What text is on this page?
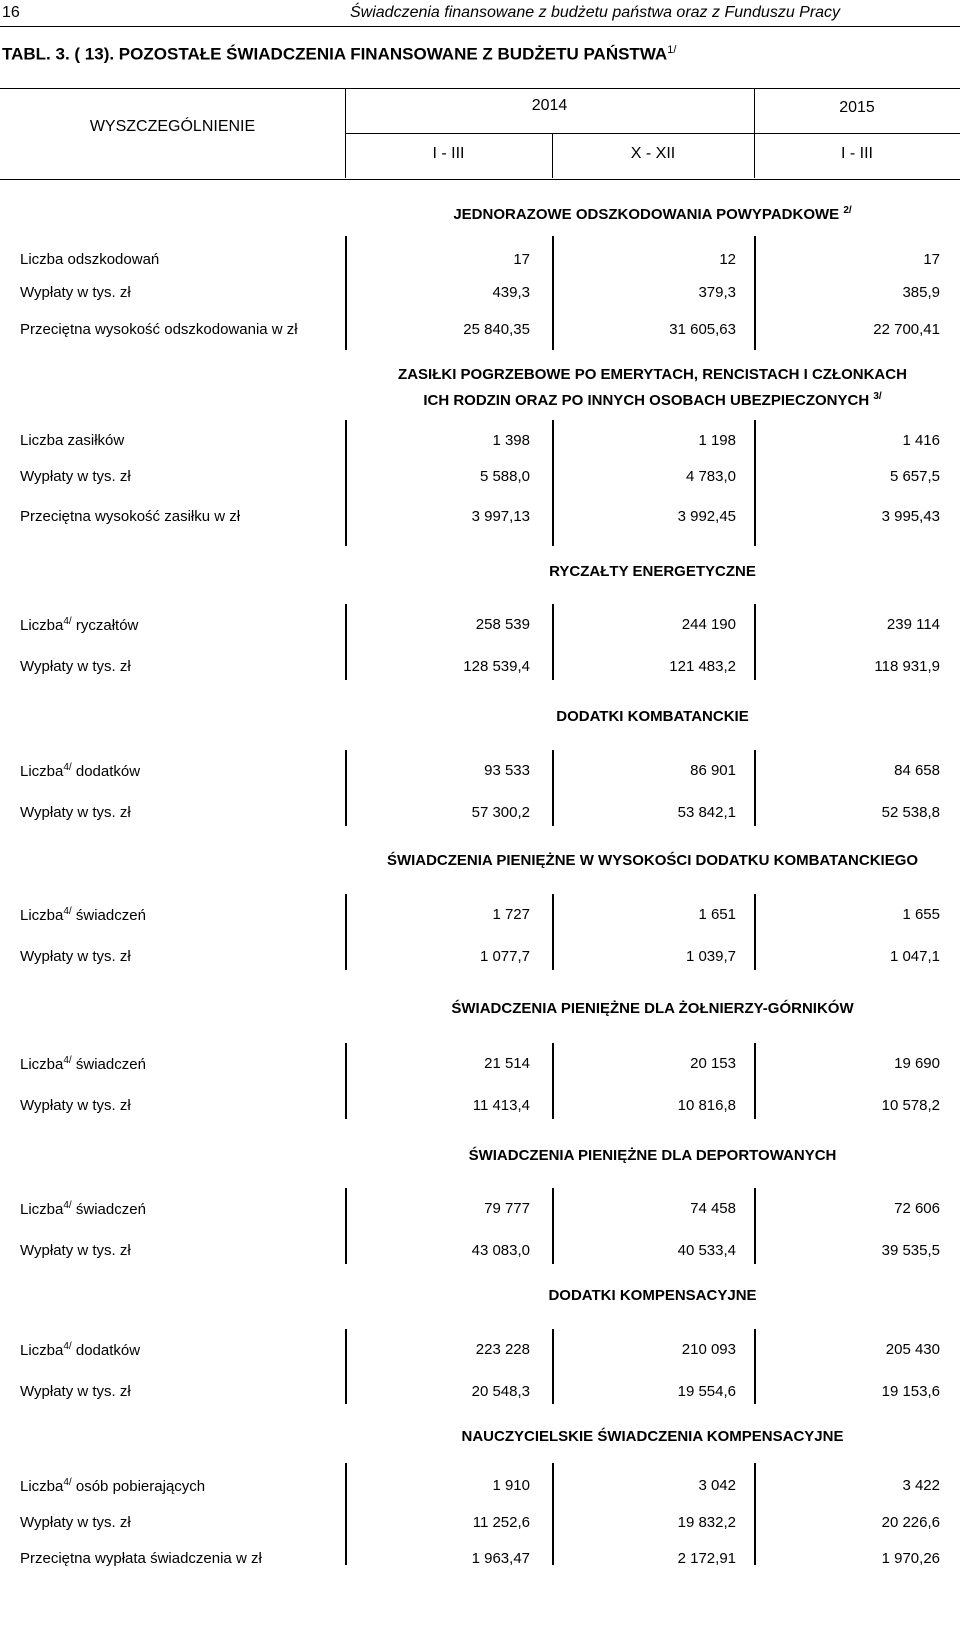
16	Świadczenia finansowane z budżetu państwa oraz z Funduszu Pracy
TABL. 3. ( 13). POZOSTAŁE ŚWIADCZENIA FINANSOWANE Z BUDŻETU $PAŃSTWA^{1/}$
WYSZCZEGÓLNIENIE
2014	2015
I - III	X - XII	I - III
JEDNORAZOWE ODSZKODOWANIA POWYPADKOWE $^{2/}$
Liczba odszkodowań	17	12	17
Wypłaty w tys. zł	439,3	379,3	385,9
Przeciętna wysokość odszkodowania w zł	25 840,35	31 605,63	22 700,41
ZASIŁKI POGRZEBOWE PO EMERYTACH, RENCISTACH I CZŁONKACH
ICH RODZIN ORAZ PO INNYCH OSOBACH UBEZPIECZONYCH $^{3/}$
Liczba zasiłków	1 398	1 198	1 416
Wypłaty w tys. zł	5 588,0	4 783,0	5 657,5
Przeciętna wysokość zasiłku w zł	3 997,13	3 992,45	3 995,43
RYCZAŁTY ENERGETYCZNE
Liczba$^{4/}$ ryczałtów	258 539	244 190	239 114
Wypłaty w tys. zł	128 539,4	121 483,2	118 931,9
DODATKI KOMBATANCKIE
Liczba$^{4/}$ dodatków	93 533	86 901	84 658
Wypłaty w tys. zł	57 300,2	53 842,1	52 538,8
ŚWIADCZENIA PIENIĘŻNE W WYSOKOŚCI DODATKU KOMBATANCKIEGO
Liczba$^{4/}$ świadczeń	1 727	1 651	1 655
Wypłaty w tys. zł	1 077,7	1 039,7	1 047,1
ŚWIADCZENIA PIENIĘŻNE DLA ŻOŁNIERZY-GÓRNIKÓW
Liczba$^{4/}$ świadczeń	21 514	20 153	19 690
Wypłaty w tys. zł	11 413,4	10 816,8	10 578,2
ŚWIADCZENIA PIENIĘŻNE DLA DEPORTOWANYCH
Liczba$^{4/}$ świadczeń	79 777	74 458	72 606
Wypłaty w tys. zł	43 083,0	40 533,4	39 535,5
DODATKI KOMPENSACYJNE
Liczba$^{4/}$ dodatków	223 228	210 093	205 430
Wypłaty w tys. zł	20 548,3	19 554,6	19 153,6
NAUCZYCIELSKIE ŚWIADCZENIA KOMPENSACYJNE
Liczba$^{4/}$ osób pobierających	1 910	3 042	3 422
Wypłaty w tys. zł	11 252,6	19 832,2	20 226,6
Przeciętna wypłata świadczenia w zł	1 963,47	2 172,91	1 970,26
